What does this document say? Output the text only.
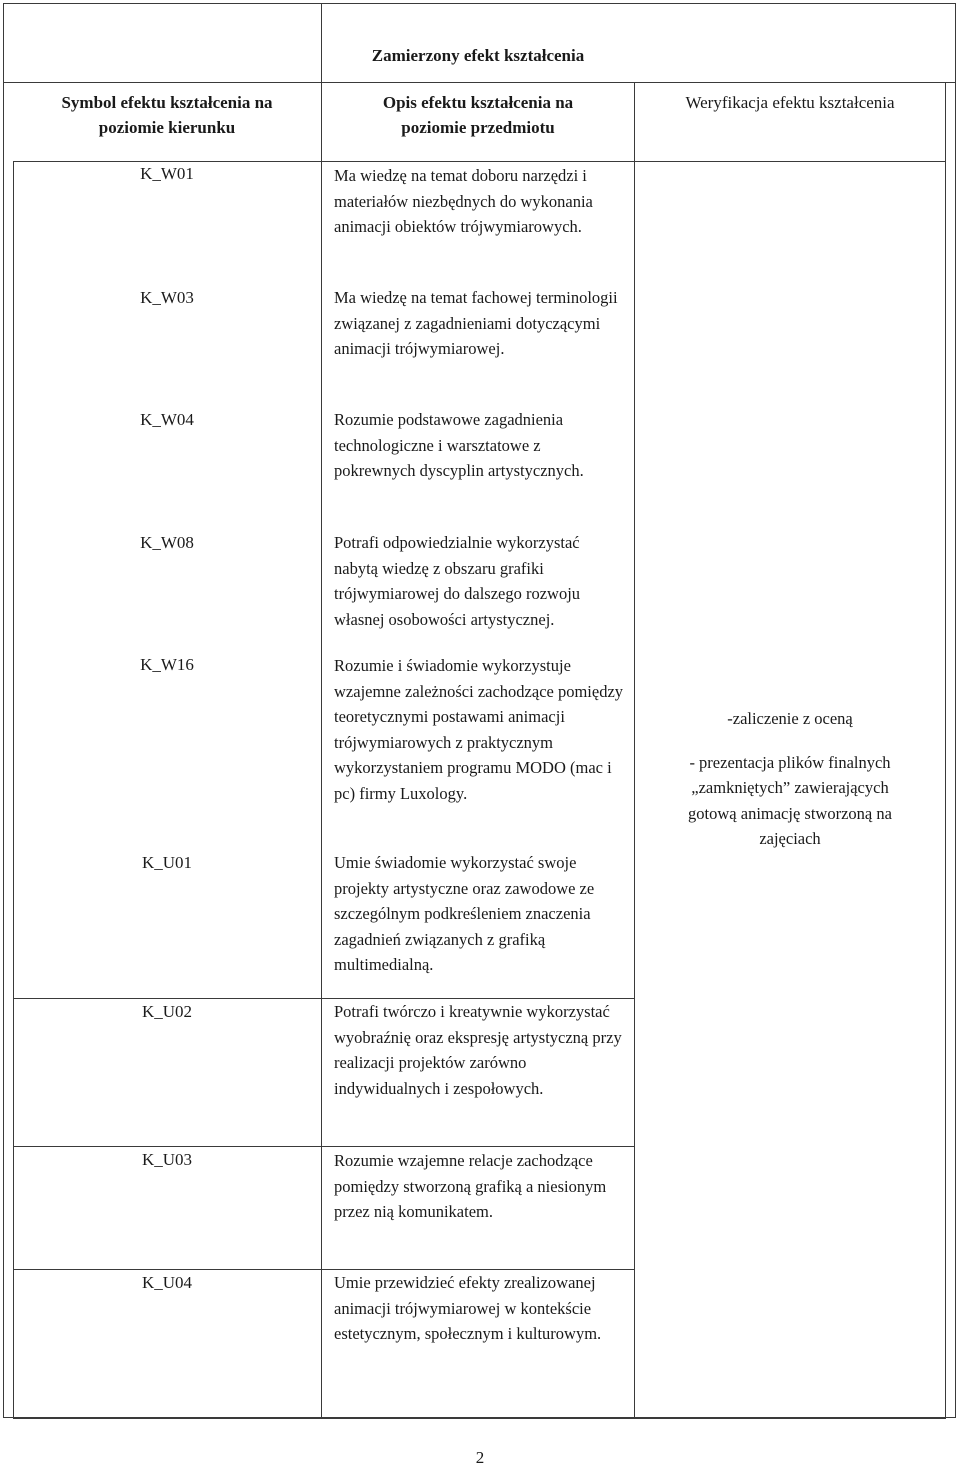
Zamierzony efekt kształcenia
Symbol efektu kształcenia na poziomie kierunku
Opis efektu kształcenia na poziomie przedmiotu
Weryfikacja efektu kształcenia
K_W01
K_W03
K_W04
K_W08
K_W16
K_U01
K_U02
K_U03
K_U04
Ma wiedzę na temat doboru narzędzi i materiałów niezbędnych do wykonania animacji obiektów trójwymiarowych.
Ma wiedzę na temat fachowej terminologii związanej z zagadnieniami dotyczącymi animacji trójwymiarowej.
Rozumie podstawowe zagadnienia technologiczne i warsztatowe z pokrewnych dyscyplin artystycznych.
Potrafi odpowiedzialnie wykorzystać nabytą wiedzę z obszaru grafiki trójwymiarowej do dalszego rozwoju własnej osobowości artystycznej.
Rozumie i świadomie wykorzystuje wzajemne zależności zachodzące pomiędzy teoretycznymi postawami animacji trójwymiarowych z praktycznym wykorzystaniem programu MODO (mac i pc) firmy Luxology.
Umie świadomie wykorzystać swoje projekty artystyczne oraz zawodowe ze szczególnym podkreśleniem znaczenia zagadnień związanych z grafiką multimedialną.
Potrafi twórczo i kreatywnie wykorzystać wyobraźnię oraz ekspresję artystyczną przy realizacji projektów zarówno indywidualnych i zespołowych.
Rozumie wzajemne relacje zachodzące pomiędzy stworzoną grafiką a niesionym przez nią komunikatem.
Umie przewidzieć efekty zrealizowanej animacji trójwymiarowej w kontekście estetycznym, społecznym i kulturowym.

-zaliczenie z oceną

- prezentacja plików finalnych „zamkniętych” zawierających gotową animację stworzoną na zajęciach

2
